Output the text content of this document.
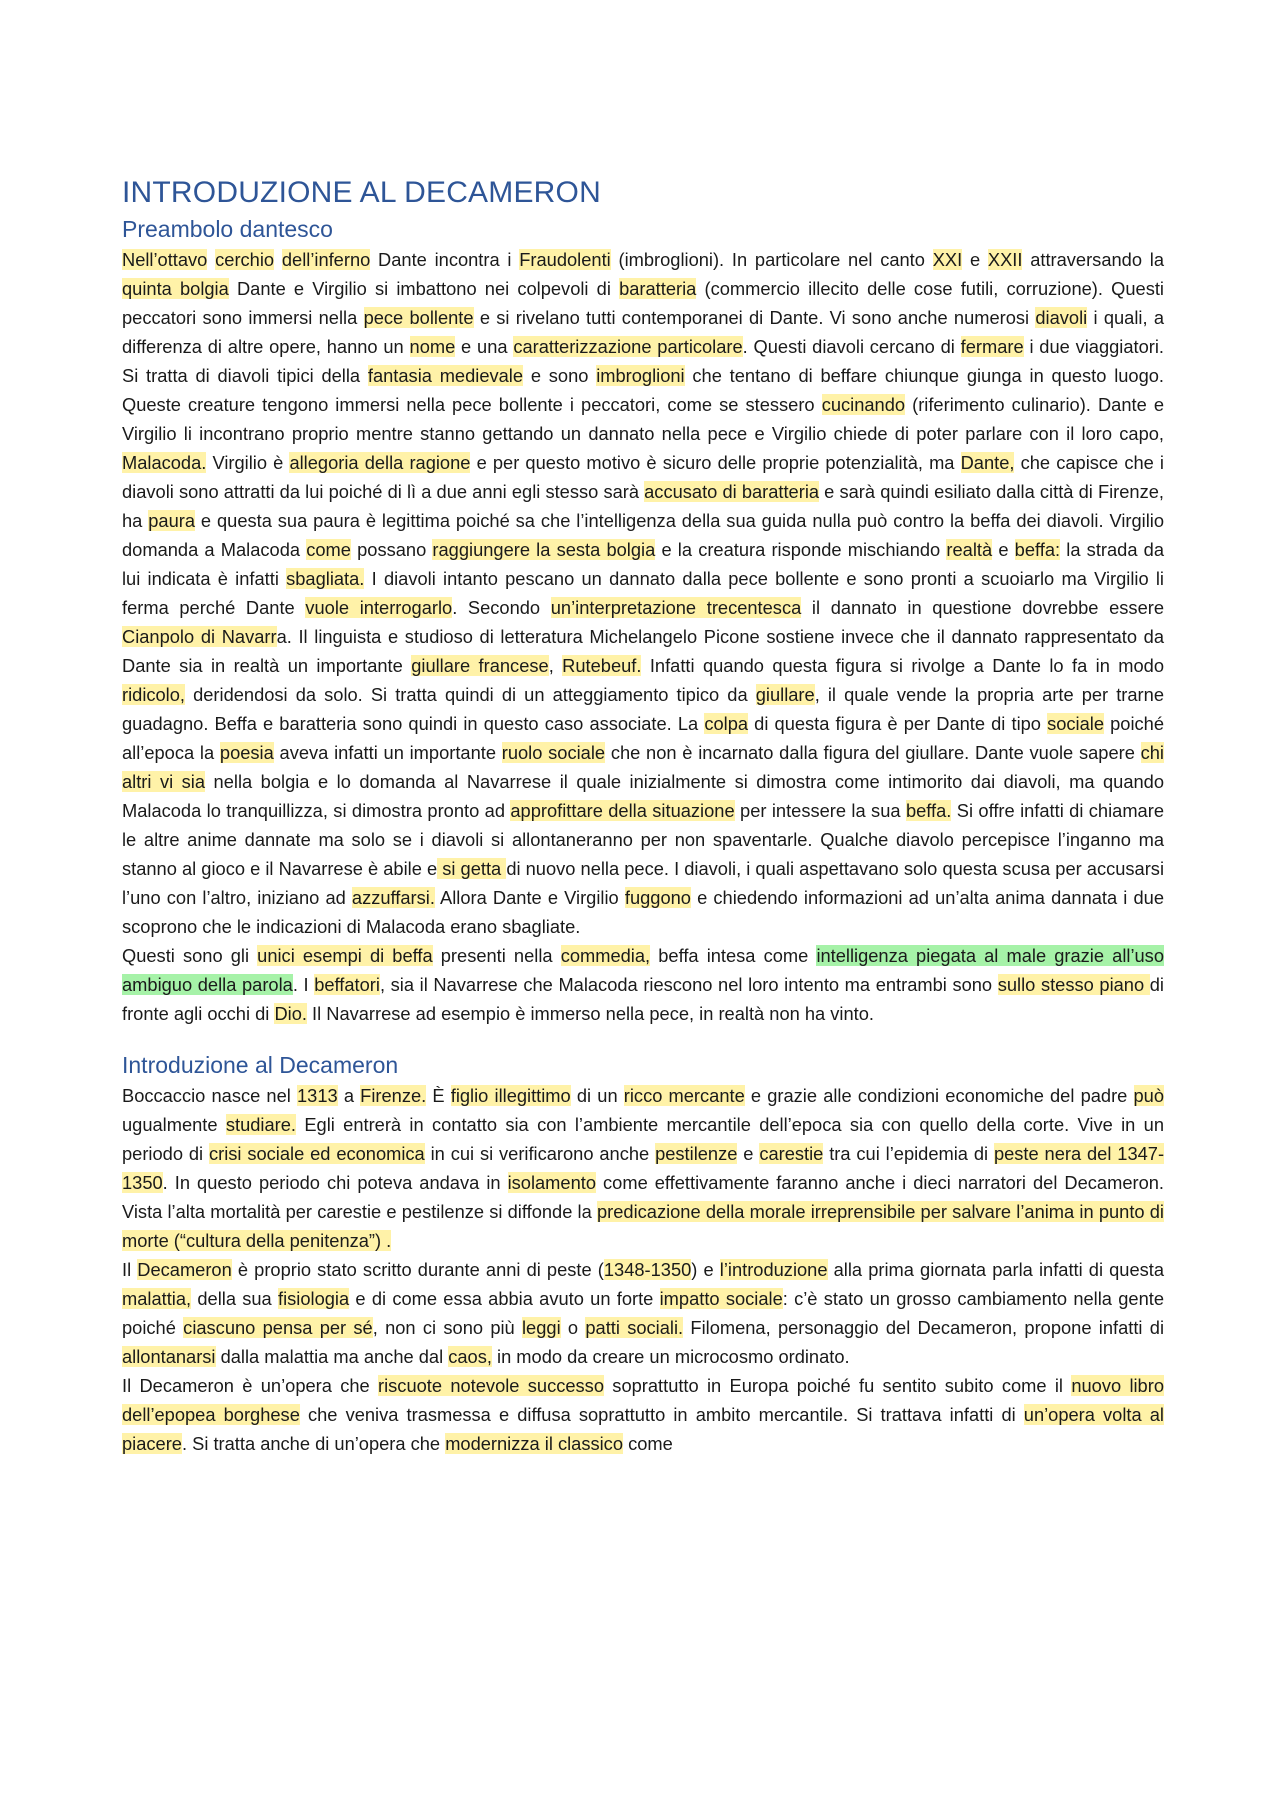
INTRODUZIONE AL DECAMERON
Preambolo dantesco

Nell’ottavo cerchio dell’inferno Dante incontra i Fraudolenti (imbroglioni). In particolare nel canto XXI e XXII attraversando la quinta bolgia Dante e Virgilio si imbattono nei colpevoli di baratteria (commercio illecito delle cose futili, corruzione). Questi peccatori sono immersi nella pece bollente e si rivelano tutti contemporanei di Dante. Vi sono anche numerosi diavoli i quali, a differenza di altre opere, hanno un nome e una caratterizzazione particolare. Questi diavoli cercano di fermare i due viaggiatori. Si tratta di diavoli tipici della fantasia medievale e sono imbroglioni che tentano di beffare chiunque giunga in questo luogo. Queste creature tengono immersi nella pece bollente i peccatori, come se stessero cucinando (riferimento culinario). Dante e Virgilio li incontrano proprio mentre stanno gettando un dannato nella pece e Virgilio chiede di poter parlare con il loro capo, Malacoda. Virgilio è allegoria della ragione e per questo motivo è sicuro delle proprie potenzialità, ma Dante, che capisce che i diavoli sono attratti da lui poiché di lì a due anni egli stesso sarà accusato di baratteria e sarà quindi esiliato dalla città di Firenze, ha paura e questa sua paura è legittima poiché sa che l’intelligenza della sua guida nulla può contro la beffa dei diavoli. Virgilio domanda a Malacoda come possano raggiungere la sesta bolgia e la creatura risponde mischiando realtà e beffa: la strada da lui indicata è infatti sbagliata. I diavoli intanto pescano un dannato dalla pece bollente e sono pronti a scuoiarlo ma Virgilio li ferma perché Dante vuole interrogarlo. Secondo un’interpretazione trecentesca il dannato in questione dovrebbe essere Cianpolo di Navarra. Il linguista e studioso di letteratura Michelangelo Picone sostiene invece che il dannato rappresentato da Dante sia in realtà un importante giullare francese, Rutebeuf. Infatti quando questa figura si rivolge a Dante lo fa in modo ridicolo, deridendosi da solo. Si tratta quindi di un atteggiamento tipico da giullare, il quale vende la propria arte per trarne guadagno. Beffa e baratteria sono quindi in questo caso associate. La colpa di questa figura è per Dante di tipo sociale poiché all’epoca la poesia aveva infatti un importante ruolo sociale che non è incarnato dalla figura del giullare. Dante vuole sapere chi altri vi sia nella bolgia e lo domanda al Navarrese il quale inizialmente si dimostra come intimorito dai diavoli, ma quando Malacoda lo tranquillizza, si dimostra pronto ad approfittare della situazione per intessere la sua beffa. Si offre infatti di chiamare le altre anime dannate ma solo se i diavoli si allontaneranno per non spaventarle. Qualche diavolo percepisce l’inganno ma stanno al gioco e il Navarrese è abile e si getta di nuovo nella pece. I diavoli, i quali aspettavano solo questa scusa per accusarsi l’uno con l’altro, iniziano ad azzuffarsi. Allora Dante e Virgilio fuggono e chiedendo informazioni ad un’alta anima dannata i due scoprono che le indicazioni di Malacoda erano sbagliate.

Questi sono gli unici esempi di beffa presenti nella commedia, beffa intesa come intelligenza piegata al male grazie all’uso ambiguo della parola. I beffatori, sia il Navarrese che Malacoda riescono nel loro intento ma entrambi sono sullo stesso piano di fronte agli occhi di Dio. Il Navarrese ad esempio è immerso nella pece, in realtà non ha vinto.

Introduzione al Decameron

Boccaccio nasce nel 1313 a Firenze. È figlio illegittimo di un ricco mercante e grazie alle condizioni economiche del padre può ugualmente studiare. Egli entrerà in contatto sia con l’ambiente mercantile dell’epoca sia con quello della corte. Vive in un periodo di crisi sociale ed economica in cui si verificarono anche pestilenze e carestie tra cui l’epidemia di peste nera del 1347-1350. In questo periodo chi poteva andava in isolamento come effettivamente faranno anche i dieci narratori del Decameron. Vista l’alta mortalità per carestie e pestilenze si diffonde la predicazione della morale irreprensibile per salvare l’anima in punto di morte (“cultura della penitenza”) .

Il Decameron è proprio stato scritto durante anni di peste (1348-1350) e l’introduzione alla prima giornata parla infatti di questa malattia, della sua fisiologia e di come essa abbia avuto un forte impatto sociale: c’è stato un grosso cambiamento nella gente poiché ciascuno pensa per sé, non ci sono più leggi o patti sociali. Filomena, personaggio del Decameron, propone infatti di allontanarsi dalla malattia ma anche dal caos, in modo da creare un microcosmo ordinato.

Il Decameron è un’opera che riscuote notevole successo soprattutto in Europa poiché fu sentito subito come il nuovo libro dell’epopea borghese che veniva trasmessa e diffusa soprattutto in ambito mercantile. Si trattava infatti di un’opera volta al piacere. Si tratta anche di un’opera che modernizza il classico come
